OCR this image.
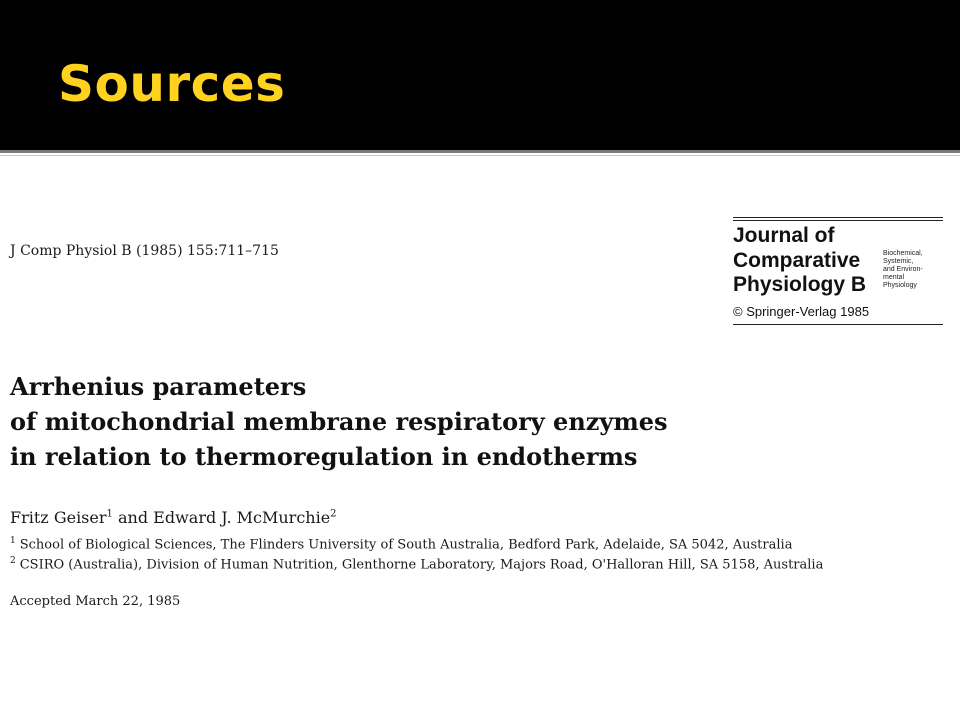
Sources
J Comp Physiol B (1985) 155:711–715
Journal of
Comparative
Physiology B
Biochemical,
Systemic,
and Environ-
mental
Physiology
© Springer-Verlag 1985
Arrhenius parameters
of mitochondrial membrane respiratory enzymes
in relation to thermoregulation in endotherms
Fritz Geiser$^1$ and Edward J. McMurchie$^2$
$^1$ School of Biological Sciences, The Flinders University of South Australia, Bedford Park, Adelaide, SA 5042, Australia
$^2$ CSIRO (Australia), Division of Human Nutrition, Glenthorne Laboratory, Majors Road, O'Halloran Hill, SA 5158, Australia
Accepted March 22, 1985
